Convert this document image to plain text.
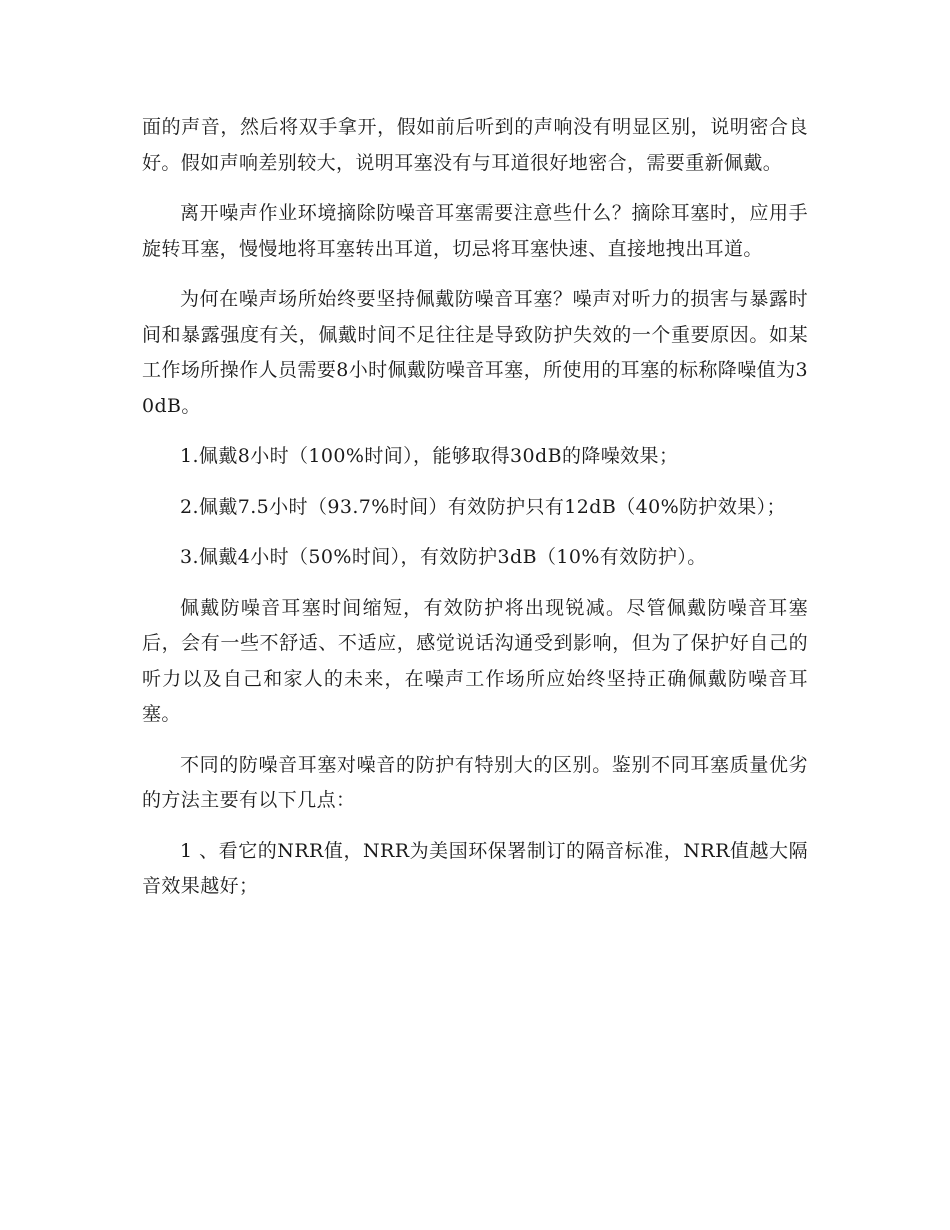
面的声音，然后将双手拿开，假如前后听到的声响没有明显区别，说明密合良好。假如声响差别较大，说明耳塞没有与耳道很好地密合，需要重新佩戴。

离开噪声作业环境摘除防噪音耳塞需要注意些什么？摘除耳塞时，应用手旋转耳塞，慢慢地将耳塞转出耳道，切忌将耳塞快速、直接地拽出耳道。

为何在噪声场所始终要坚持佩戴防噪音耳塞？噪声对听力的损害与暴露时间和暴露强度有关，佩戴时间不足往往是导致防护失效的一个重要原因。如某工作场所操作人员需要8小时佩戴防噪音耳塞，所使用的耳塞的标称降噪值为30dB。

1.佩戴8小时（100%时间），能够取得30dB的降噪效果；

2.佩戴7.5小时（93.7%时间）有效防护只有12dB（40%防护效果）；

3.佩戴4小时（50%时间），有效防护3dB（10%有效防护）。

佩戴防噪音耳塞时间缩短，有效防护将出现锐减。尽管佩戴防噪音耳塞后，会有一些不舒适、不适应，感觉说话沟通受到影响，但为了保护好自己的听力以及自己和家人的未来，在噪声工作场所应始终坚持正确佩戴防噪音耳塞。

不同的防噪音耳塞对噪音的防护有特别大的区别。鉴别不同耳塞质量优劣的方法主要有以下几点：

1 、看它的NRR值，NRR为美国环保署制订的隔音标准，NRR值越大隔音效果越好；
